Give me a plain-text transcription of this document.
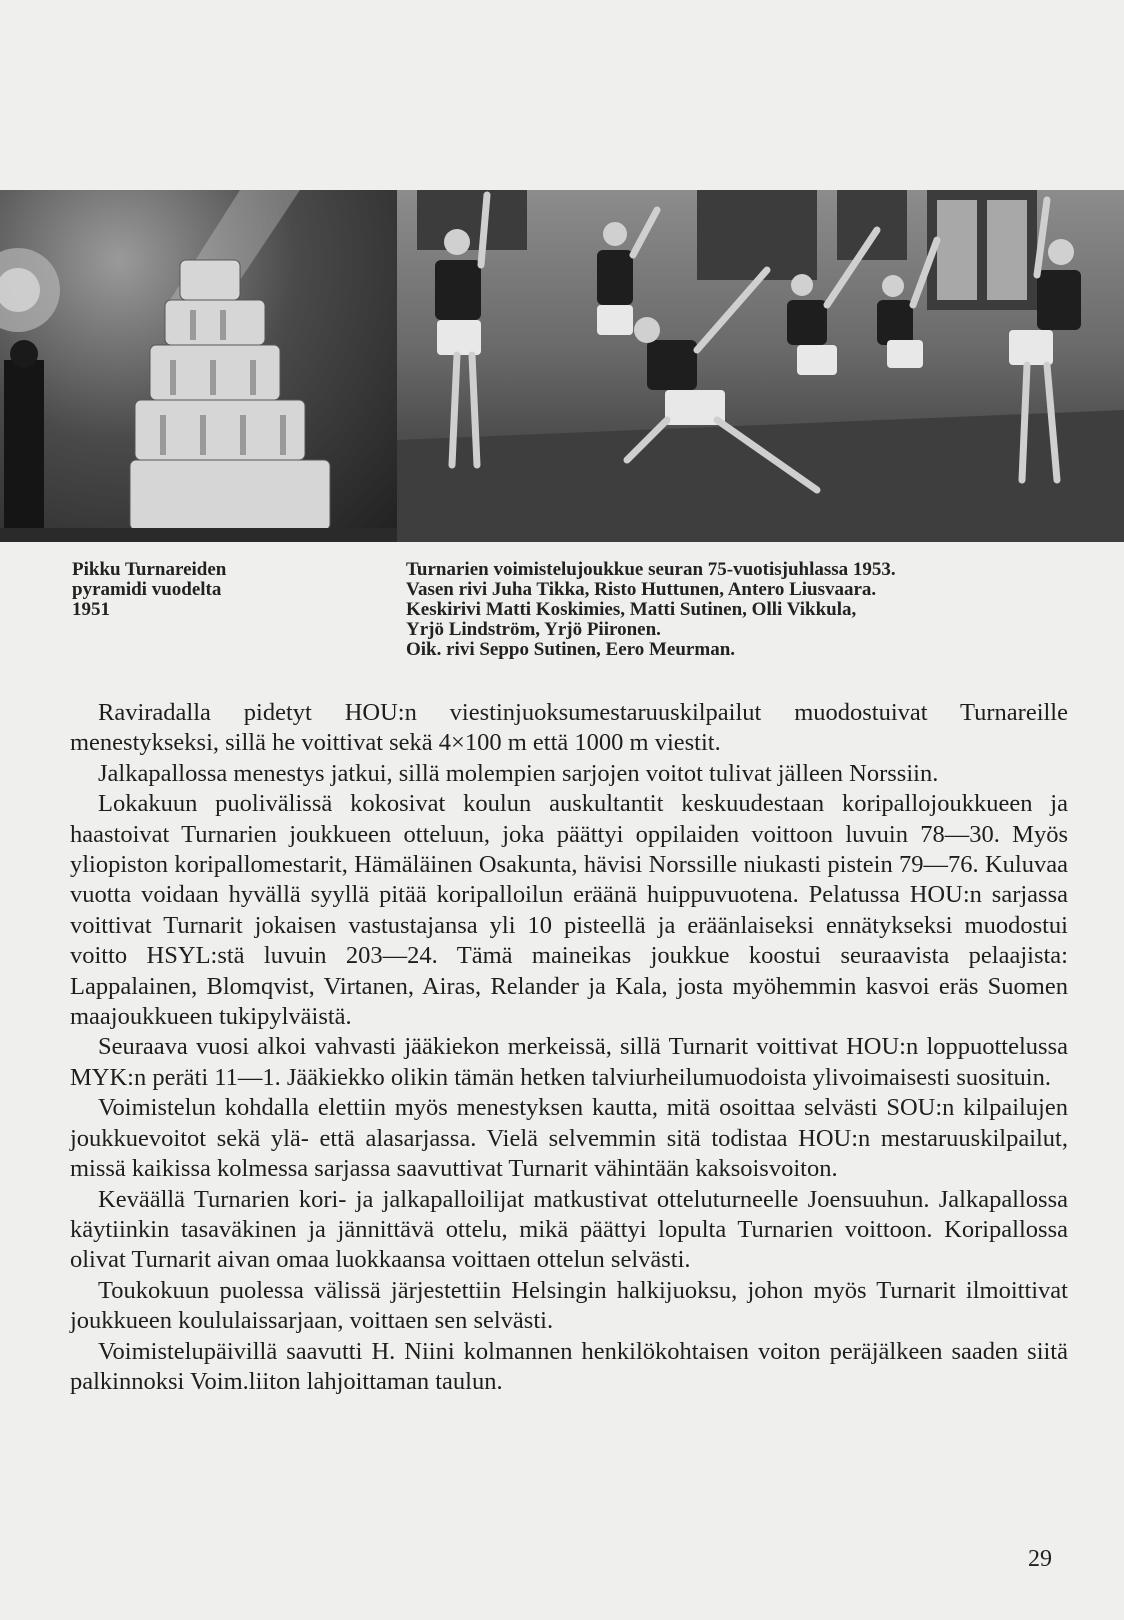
Pikku Turnareiden
pyramidi vuodelta
1951
Turnarien voimistelujoukkue seuran 75-vuotisjuhlassa 1953.
Vasen rivi Juha Tikka, Risto Huttunen, Antero Liusvaara.
Keskirivi Matti Koskimies, Matti Sutinen, Olli Vikkula,
Yrjö Lindström, Yrjö Piironen.
Oik. rivi Seppo Sutinen, Eero Meurman.

Raviradalla pidetyt HOU:n viestinjuoksumestaruuskilpailut muodostuivat Turnareille menestykseksi, sillä he voittivat sekä 4×100 m että 1000 m viestit.

Jalkapallossa menestys jatkui, sillä molempien sarjojen voitot tulivat jälleen Norssiin.

Lokakuun puolivälissä kokosivat koulun auskultantit keskuudestaan koripallojoukkueen ja haastoivat Turnarien joukkueen otteluun, joka päättyi oppilaiden voittoon luvuin 78—30. Myös yliopiston koripallomestarit, Hämäläinen Osakunta, hävisi Norssille niukasti pistein 79—76. Kuluvaa vuotta voidaan hyvällä syyllä pitää koripalloilun eräänä huippuvuotena. Pelatussa HOU:n sarjassa voittivat Turnarit jokaisen vastustajansa yli 10 pisteellä ja eräänlaiseksi ennätykseksi muodostui voitto HSYL:stä luvuin 203—24. Tämä maineikas joukkue koostui seuraavista pelaajista: Lappalainen, Blomqvist, Virtanen, Airas, Relander ja Kala, josta myöhemmin kasvoi eräs Suomen maajoukkueen tukipylväistä.

Seuraava vuosi alkoi vahvasti jääkiekon merkeissä, sillä Turnarit voittivat HOU:n loppuottelussa MYK:n peräti 11—1. Jääkiekko olikin tämän hetken talviurheilumuodoista ylivoimaisesti suosituin.

Voimistelun kohdalla elettiin myös menestyksen kautta, mitä osoittaa selvästi SOU:n kilpailujen joukkuevoitot sekä ylä- että alasarjassa. Vielä selvemmin sitä todistaa HOU:n mestaruuskilpailut, missä kaikissa kolmessa sarjassa saavuttivat Turnarit vähintään kaksoisvoiton.

Keväällä Turnarien kori- ja jalkapalloilijat matkustivat otteluturneelle Joensuuhun. Jalkapallossa käytiinkin tasaväkinen ja jännittävä ottelu, mikä päättyi lopulta Turnarien voittoon. Koripallossa olivat Turnarit aivan omaa luokkaansa voittaen ottelun selvästi.

Toukokuun puolessa välissä järjestettiin Helsingin halkijuoksu, johon myös Turnarit ilmoittivat joukkueen koululaissarjaan, voittaen sen selvästi.

Voimistelupäivillä saavutti H. Niini kolmannen henkilökohtaisen voiton peräjälkeen saaden siitä palkinnoksi Voim.liiton lahjoittaman taulun.

29
